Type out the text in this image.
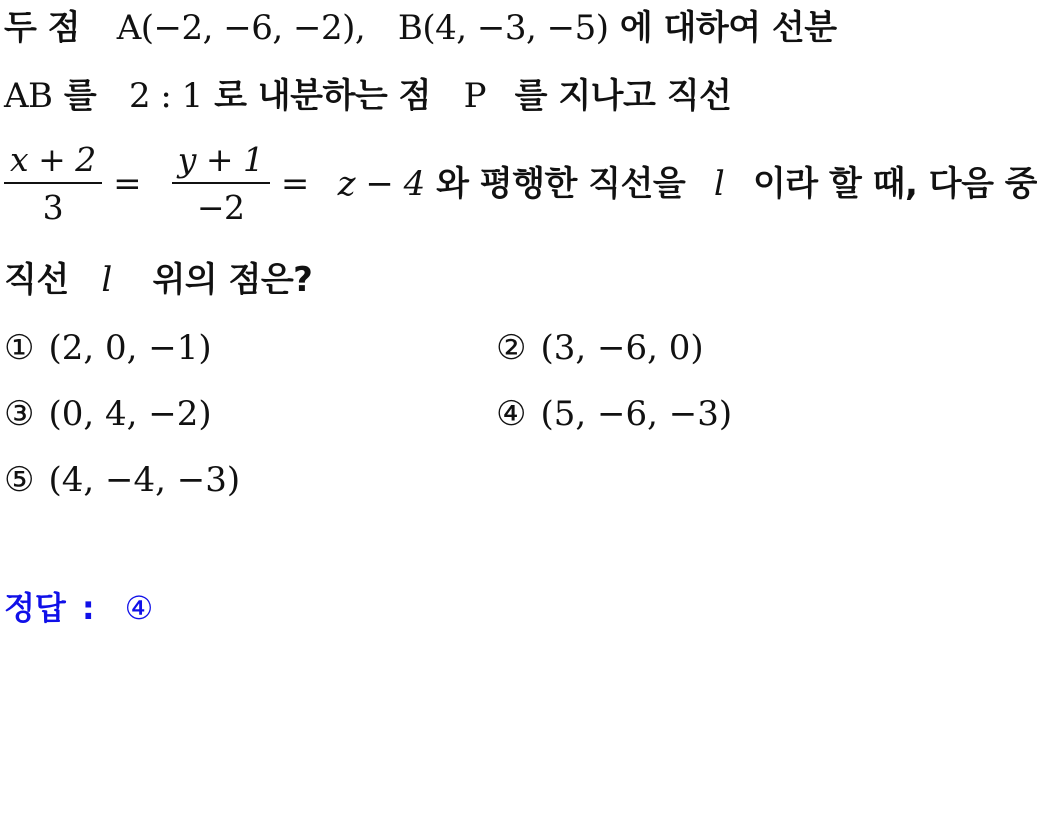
두 점 A(−2, −6, −2), B(4, −3, −5) 에 대하여 선분
AB 를 2 : 1 로 내분하는 점 P 를 지나고 직선
$\frac{x + 2}{3} = \frac{y + 1}{-2} = z - 4$ 와 평행한 직선을 l 이라 할 때, 다음 중
직선 l 위의 점은?
① (2, 0, −1)	② (3, −6, 0)
③ (0, 4, −2)	④ (5, −6, −3)
⑤ (4, −4, −3)
정답 : ④
